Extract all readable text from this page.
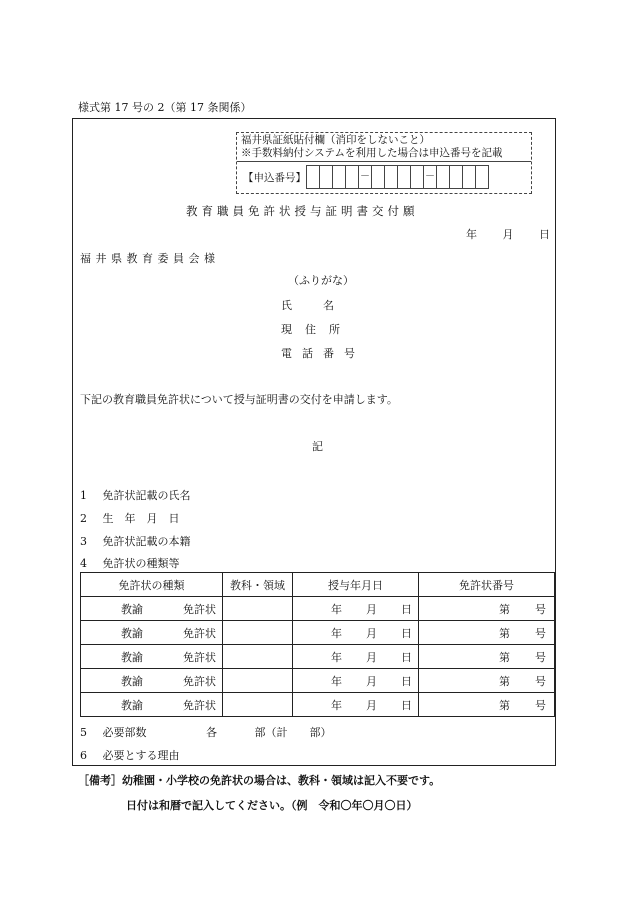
様式第 17 号の 2（第 17 条関係）
福井県証紙貼付欄（消印をしないこと）
※手数料納付システムを利用した場合は申込番号を記載
【申込番号】	－	－
教育職員免許状授与証明書交付願
年 月 日
福井県教育委員会様
（ふりがな）
氏　　名
現　住　所
電　話　番　号
下記の教育職員免許状について授与証明書の交付を申請します。
記
1 免許状記載の氏名
2 生　年　月　日
3 免許状記載の本籍
4 免許状の種類等
免許状の種類	教科・領域	授与年月日	免許状番号

教諭 免許状		年 月 日	第 号

教諭 免許状		年 月 日	第 号

教諭 免許状		年 月 日	第 号

教諭 免許状		年 月 日	第 号

教諭 免許状		年 月 日	第 号
5 必要部数	各	部（計　　部）
6 必要とする理由
［備考］幼稚園・小学校の免許状の場合は、教科・領域は記入不要です。
日付は和暦で記入してください。（例　令和〇年〇月〇日）
